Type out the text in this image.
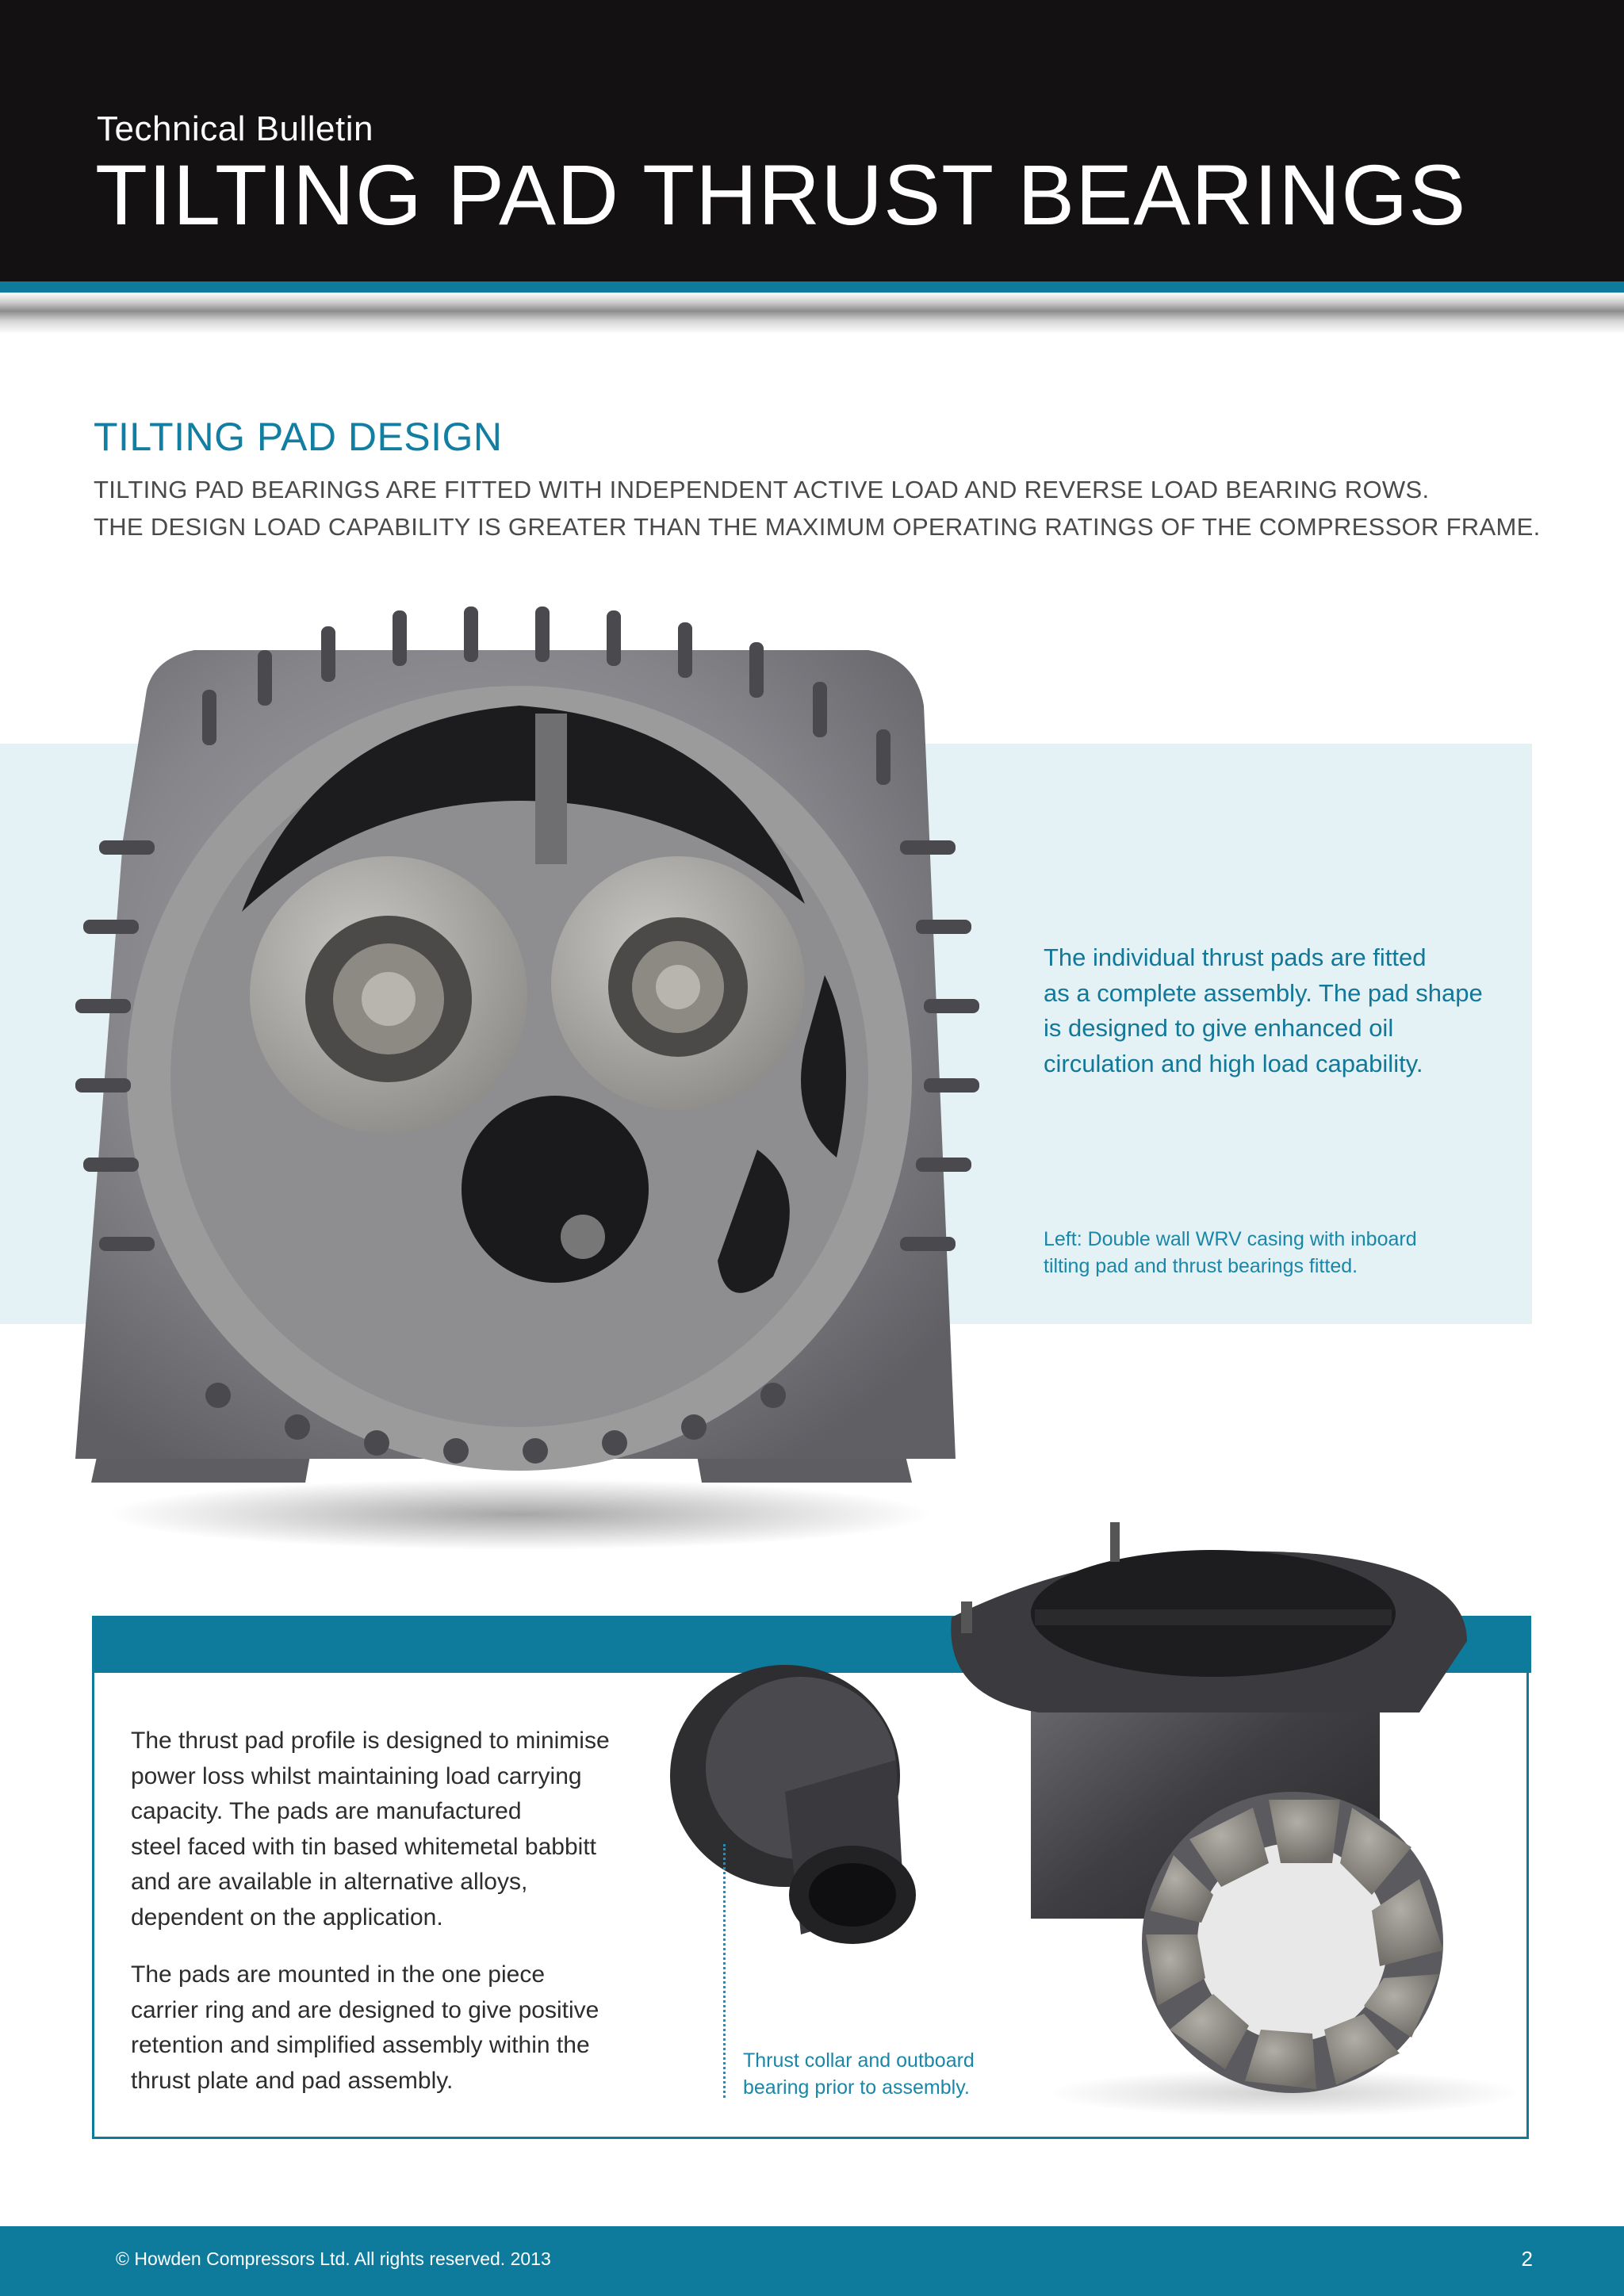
Technical Bulletin
TILTING PAD THRUST BEARINGS
TILTING PAD DESIGN
TILTING PAD BEARINGS ARE FITTED WITH INDEPENDENT ACTIVE LOAD AND REVERSE LOAD BEARING ROWS.
THE DESIGN LOAD CAPABILITY IS GREATER THAN THE MAXIMUM OPERATING RATINGS OF THE COMPRESSOR FRAME.
The individual thrust pads are fitted
as a complete assembly. The pad shape
is designed to give enhanced oil
circulation and high load capability.
Left: Double wall WRV casing with inboard
tilting pad and thrust bearings fitted.

The thrust pad profile is designed to minimise
power loss whilst maintaining load carrying
capacity. The pads are manufactured
steel faced with tin based whitemetal babbitt
and are available in alternative alloys,
dependent on the application.

The pads are mounted in the one piece
carrier ring and are designed to give positive
retention and simplified assembly within the
thrust plate and pad assembly.

Thrust collar and outboard
bearing prior to assembly.
© Howden Compressors Ltd. All rights reserved. 2013	2
